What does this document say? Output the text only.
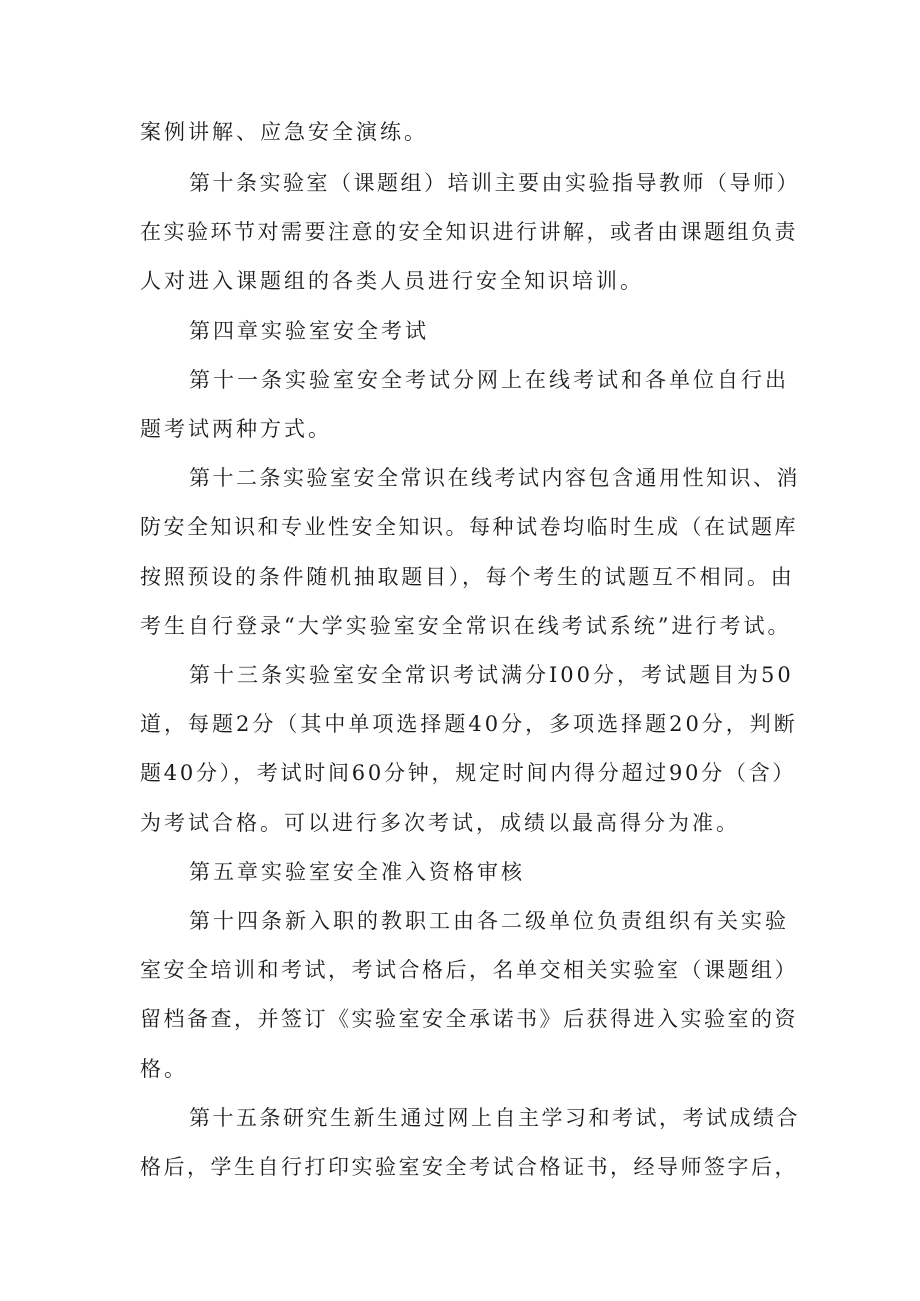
案例讲解、应急安全演练。
第十条实验室（课题组）培训主要由实验指导教师（导师）
在实验环节对需要注意的安全知识进行讲解，或者由课题组负责
人对进入课题组的各类人员进行安全知识培训。
第四章实验室安全考试
第十一条实验室安全考试分网上在线考试和各单位自行出
题考试两种方式。
第十二条实验室安全常识在线考试内容包含通用性知识、消
防安全知识和专业性安全知识。每种试卷均临时生成（在试题库
按照预设的条件随机抽取题目），每个考生的试题互不相同。由
考生自行登录“大学实验室安全常识在线考试系统”进行考试。
第十三条实验室安全常识考试满分I00分，考试题目为50
道，每题2分（其中单项选择题40分，多项选择题20分，判断
题40分），考试时间60分钟，规定时间内得分超过90分（含）
为考试合格。可以进行多次考试，成绩以最高得分为准。
第五章实验室安全准入资格审核
第十四条新入职的教职工由各二级单位负责组织有关实验
室安全培训和考试，考试合格后，名单交相关实验室（课题组）
留档备查，并签订《实验室安全承诺书》后获得进入实验室的资
格。
第十五条研究生新生通过网上自主学习和考试，考试成绩合
格后，学生自行打印实验室安全考试合格证书，经导师签字后，
